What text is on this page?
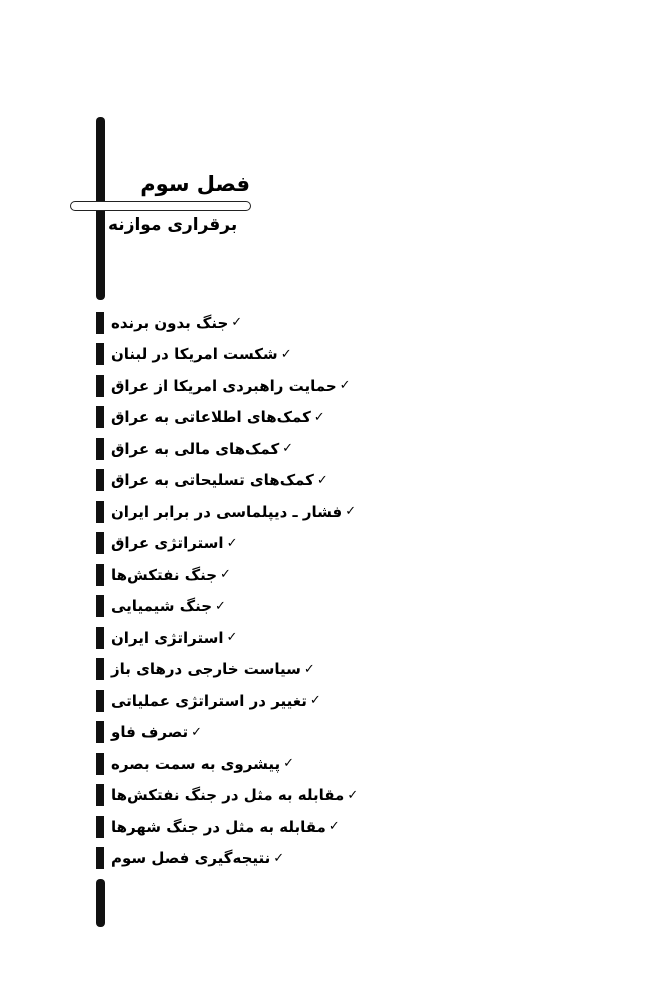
فصل سوم
برقراری موازنه
جنگ بدون برنده ✓
شکست امریکا در لبنان ✓
حمایت راهبردی امریکا از عراق ✓
کمک‌های اطلاعاتی به عراق ✓
کمک‌های مالی به عراق ✓
کمک‌های تسلیحاتی به عراق ✓
فشار ـ دیپلماسی در برابر ایران ✓
استراتژی عراق ✓
جنگ نفتکش‌ها ✓
جنگ شیمیایی ✓
استراتژی ایران ✓
سیاست خارجی درهای باز ✓
تغییر در استراتژی عملیاتی ✓
تصرف فاو ✓
پیشروی به سمت بصره ✓
مقابله به مثل در جنگ نفتکش‌ها ✓
مقابله به مثل در جنگ شهرها ✓
نتیجه‌گیری فصل سوم ✓
